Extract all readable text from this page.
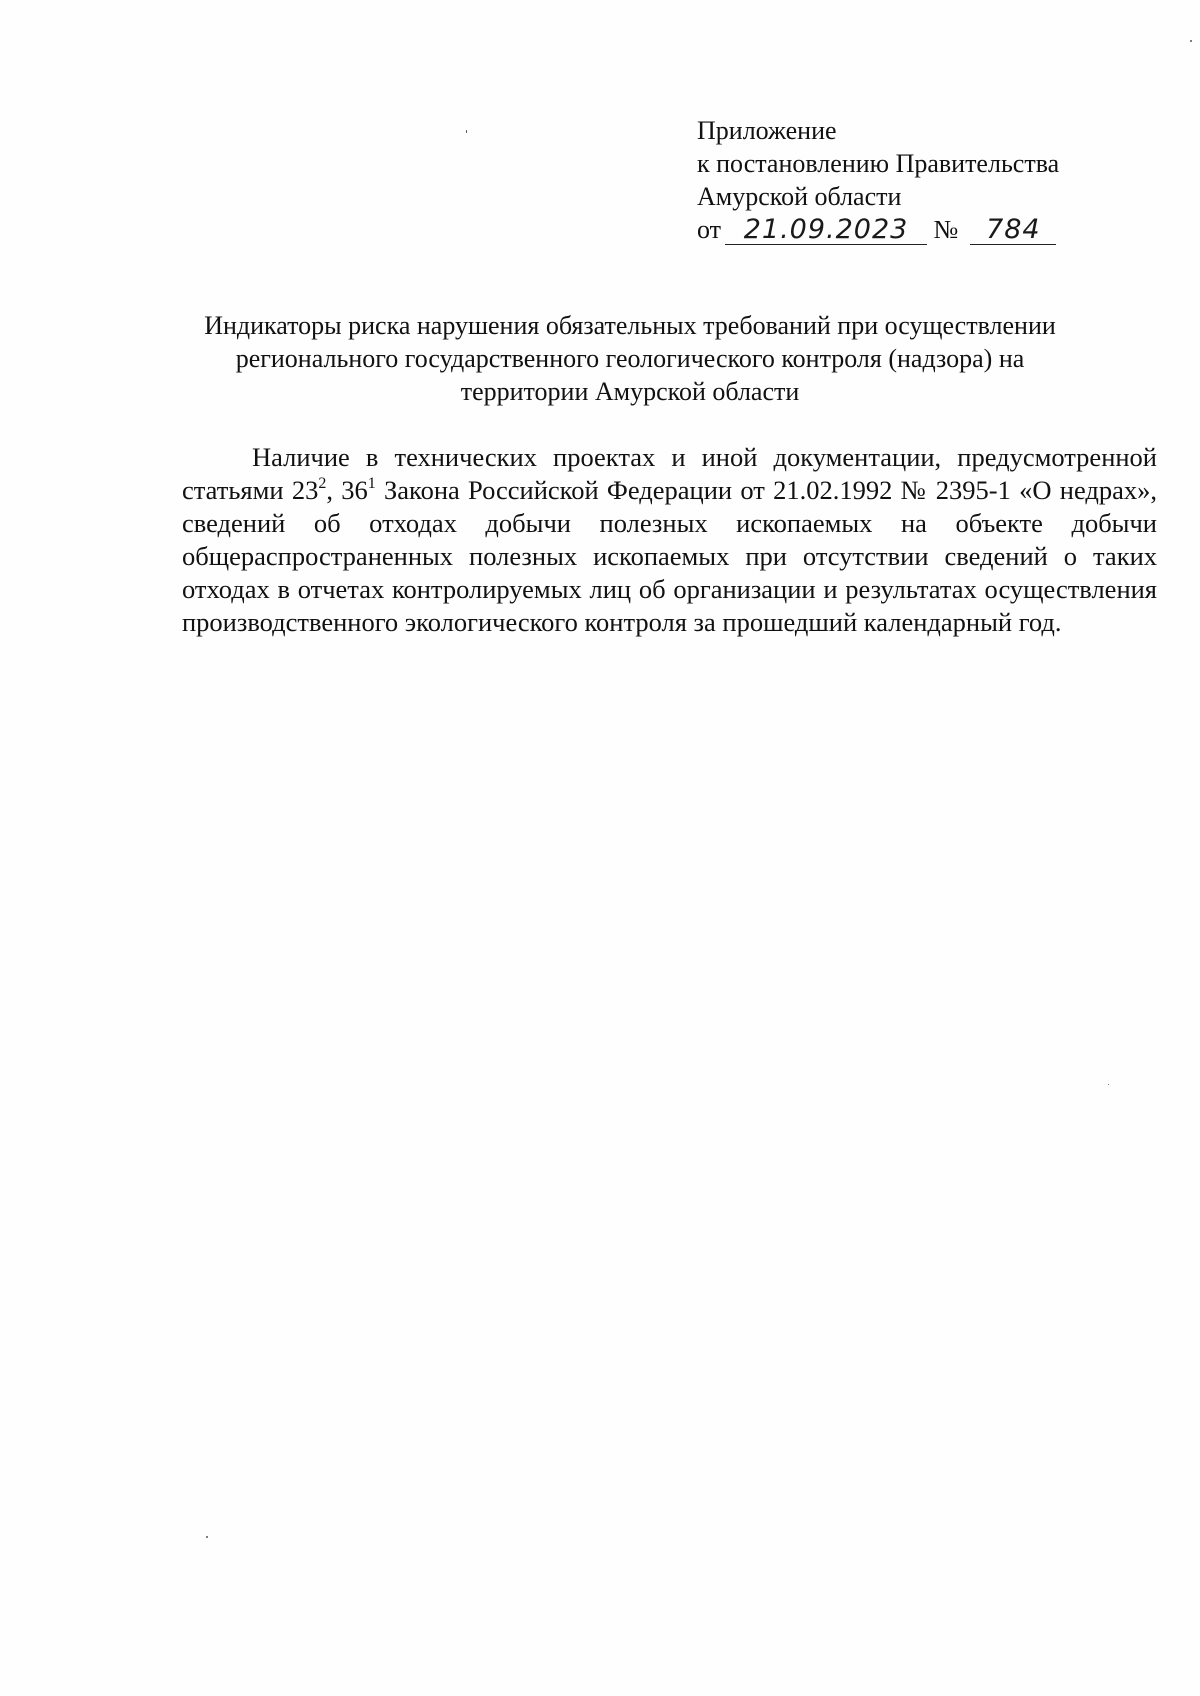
Приложение
к постановлению Правительства
Амурской области
от 21.09.2023 № 784
Индикаторы риска нарушения обязательных требований при осуществлении
регионального государственного геологического контроля (надзора) на
территории Амурской области

Наличие в технических проектах и иной документации, предусмотренной статьями $23^2$, $36^1$ Закона Российской Федерации от 21.02.1992 № 2395-1 «О недрах», сведений об отходах добычи полезных ископаемых на объекте добычи общераспространенных полезных ископаемых при отсутствии сведений о таких отходах в отчетах контролируемых лиц об организации и результатах осуществления производственного экологического контроля за прошедший календарный год.
